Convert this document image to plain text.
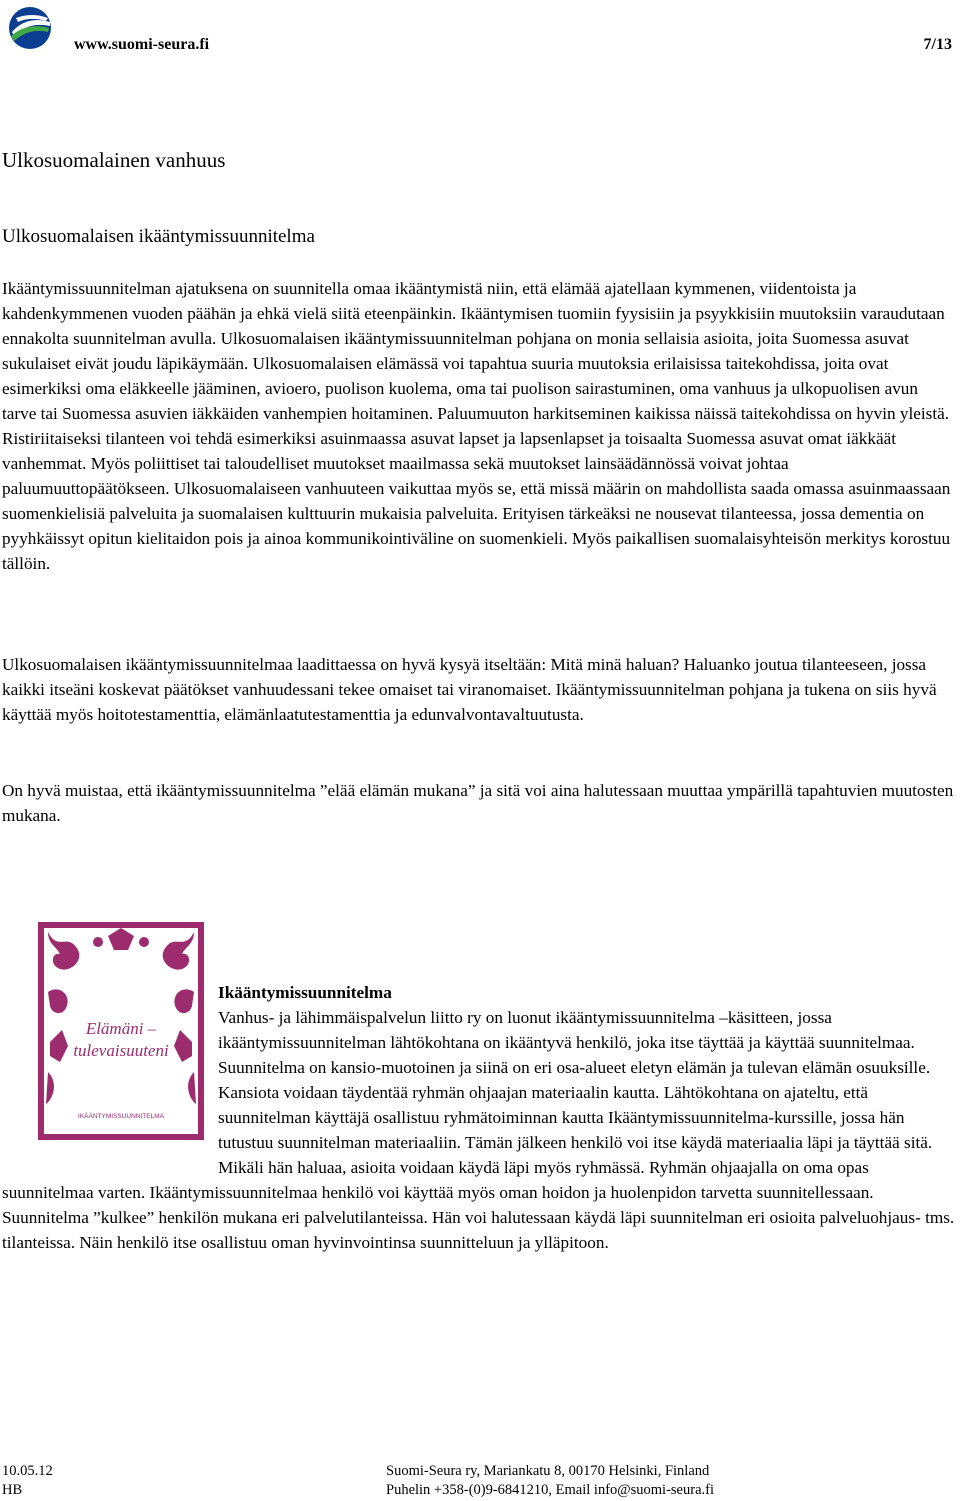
www.suomi-seura.fi	7/13
Ulkosuomalainen vanhuus
Ulkosuomalaisen ikääntymissuunnitelma

Ikääntymissuunnitelman ajatuksena on suunnitella omaa ikääntymistä niin, että elämää ajatellaan kymmenen, viidentoista ja kahdenkymmenen vuoden päähän ja ehkä vielä siitä eteenpäinkin. Ikääntymisen tuomiin fyysisiin ja psyykkisiin muutoksiin varaudutaan ennakolta suunnitelman avulla. Ulkosuomalaisen ikääntymissuunnitelman pohjana on monia sellaisia asioita, joita Suomessa asuvat sukulaiset eivät joudu läpikäymään. Ulkosuomalaisen elämässä voi tapahtua suuria muutoksia erilaisissa taitekohdissa, joita ovat esimerkiksi oma eläkkeelle jääminen, avioero, puolison kuolema, oma tai puolison sairastuminen, oma vanhuus ja ulkopuolisen avun tarve tai Suomessa asuvien iäkkäiden vanhempien hoitaminen. Paluumuuton harkitseminen kaikissa näissä taitekohdissa on hyvin yleistä. Ristiriitaiseksi tilanteen voi tehdä esimerkiksi asuinmaassa asuvat lapset ja lapsenlapset ja toisaalta Suomessa asuvat omat iäkkäät vanhemmat. Myös poliittiset tai taloudelliset muutokset maailmassa sekä muutokset lainsäädännössä voivat johtaa paluumuuttopäätökseen. Ulkosuomalaiseen vanhuuteen vaikuttaa myös se, että missä määrin on mahdollista saada omassa asuinmaassaan suomenkielisiä palveluita ja suomalaisen kulttuurin mukaisia palveluita. Erityisen tärkeäksi ne nousevat tilanteessa, jossa dementia on pyyhkäissyt opitun kielitaidon pois ja ainoa kommunikointiväline on suomenkieli. Myös paikallisen suomalaisyhteisön merkitys korostuu tällöin.

Ulkosuomalaisen ikääntymissuunnitelmaa laadittaessa on hyvä kysyä itseltään: Mitä minä haluan? Haluanko joutua tilanteeseen, jossa kaikki itseäni koskevat päätökset vanhuudessani tekee omaiset tai viranomaiset. Ikääntymissuunnitelman pohjana ja tukena on siis hyvä käyttää myös hoitotestamenttia, elämänlaatutestamenttia ja edunvalvontavaltuutusta.

On hyvä muistaa, että ikääntymissuunnitelma ”elää elämän mukana” ja sitä voi aina halutessaan muuttaa ympärillä tapahtuvien muutosten mukana.

Elämäni –
tulevaisuuteni
IKÄÄNTYMISSUUNNITELMA
Ikääntymissuunnitelma
Vanhus- ja lähimmäispalvelun liitto ry on luonut ikääntymissuunnitelma –käsitteen, jossa ikääntymissuunnitelman lähtökohtana on ikääntyvä henkilö, joka itse täyttää ja käyttää suunnitelmaa. Suunnitelma on kansio-muotoinen ja siinä on eri osa-alueet eletyn elämän ja tulevan elämän osuuksille. Kansiota voidaan täydentää ryhmän ohjaajan materiaalin kautta. Lähtökohtana on ajateltu, että suunnitelman käyttäjä osallistuu ryhmätoiminnan kautta Ikääntymissuunnitelma-kurssille, jossa hän tutustuu suunnitelman materiaaliin. Tämän jälkeen henkilö voi itse käydä materiaalia läpi ja täyttää sitä. Mikäli hän haluaa, asioita voidaan käydä läpi myös ryhmässä. Ryhmän ohjaajalla on oma opas suunnitelmaa varten. Ikääntymissuunnitelmaa henkilö voi käyttää myös oman hoidon ja huolenpidon tarvetta suunnitellessaan. Suunnitelma ”kulkee” henkilön mukana eri palvelutilanteissa. Hän voi halutessaan käydä läpi suunnitelman eri osioita palveluohjaus- tms. tilanteissa. Näin henkilö itse osallistuu oman hyvinvointinsa suunnitteluun ja ylläpitoon.
10.05.12
HB
Suomi-Seura ry, Mariankatu 8, 00170 Helsinki, Finland
Puhelin +358-(0)9-6841210, Email info@suomi-seura.fi
